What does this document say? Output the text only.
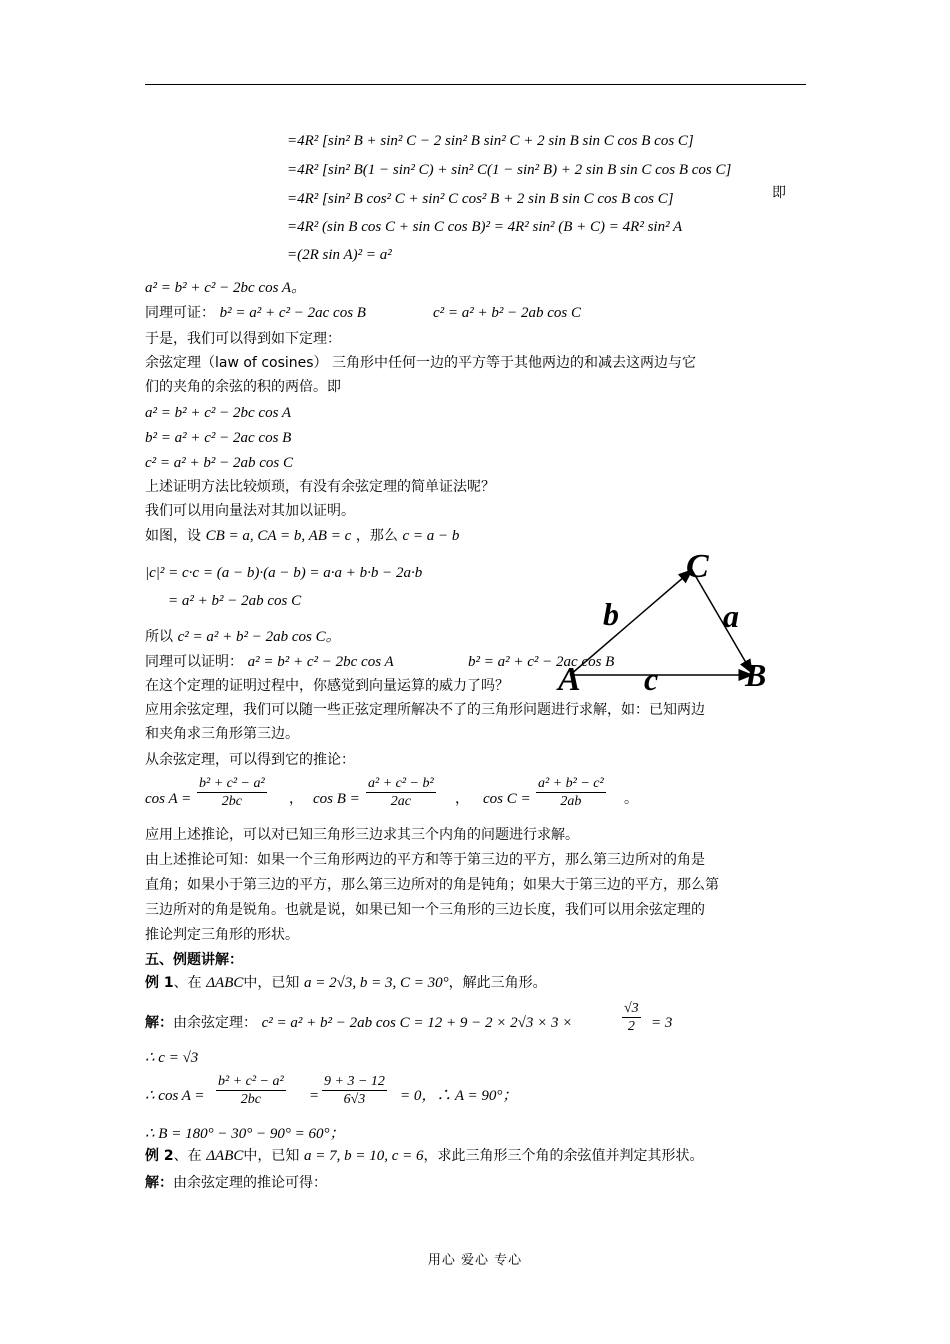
=4R² [sin² B + sin² C − 2 sin² B sin² C + 2 sin B sin C cos B cos C]
=4R² [sin² B(1 − sin² C) + sin² C(1 − sin² B) + 2 sin B sin C cos B cos C]
=4R² [sin² B cos² C + sin² C cos² B + 2 sin B sin C cos B cos C]	即
=4R² (sin B cos C + sin C cos B)² = 4R² sin² (B + C) = 4R² sin² A
=(2R sin A)² = a²
a² = b² + c² − 2bc cos A。
同理可证： b² = a² + c² − 2ac cos B	c² = a² + b² − 2ab cos C
于是，我们可以得到如下定理：
余弦定理（law of cosines） 三角形中任何一边的平方等于其他两边的和减去这两边与它
们的夹角的余弦的积的两倍。即
a² = b² + c² − 2bc cos A
b² = a² + c² − 2ac cos B
c² = a² + b² − 2ab cos C
上述证明方法比较烦琐，有没有余弦定理的简单证法呢？
我们可以用向量法对其加以证明。
如图，设 CB = a, CA = b, AB = c ，那么 c = a − b
|c|² = c·c = (a − b)·(a − b) = a·a + b·b − 2a·b
= a² + b² − 2ab cos C
所以 c² = a² + b² − 2ab cos C。
同理可以证明： a² = b² + c² − 2bc cos A	b² = a² + c² − 2ac cos B
在这个定理的证明过程中，你感觉到向量运算的威力了吗？
应用余弦定理，我们可以随一些正弦定理所解决不了的三角形问题进行求解，如：已知两边
和夹角求三角形第三边。
从余弦定理，可以得到它的推论：
$\cos A = \frac{\text{b² + c² − a²}}{2bc}$ ， $\cos B = \frac{\text{a² + c² − b²}}{2ac}$ ， $\cos C = \frac{\text{a² + b² − c²}}{2ab}$ 。
应用上述推论，可以对已知三角形三边求其三个内角的问题进行求解。
由上述推论可知：如果一个三角形两边的平方和等于第三边的平方，那么第三边所对的角是
直角；如果小于第三边的平方，那么第三边所对的角是钝角；如果大于第三边的平方，那么第
三边所对的角是锐角。也就是说，如果已知一个三角形的三边长度，我们可以用余弦定理的
推论判定三角形的形状。
五、例题讲解：
例 1、在 ΔABC中，已知 a = 2√3, b = 3, C = 30°，解此三角形。
解：由余弦定理： c² = a² + b² − 2ab cos C = 12 + 9 − 2 × 2√3 × 3 ×	$\frac{√3}{2} = 3$
∴ c = √3
∴ $\cos A = \frac{\text{b² + c² − a²}}{2bc} = \frac{9 + 3 - 12}{6√3} = 0$，∴ A = 90°；
∴ B = 180° − 30° − 90° = 60°；
例 2、在 ΔABC中，已知 a = 7, b = 10, c = 6，求此三角形三个角的余弦值并判定其形状。
解：由余弦定理的推论可得：
C
A	B
b	a
c
用心 爱心 专心
